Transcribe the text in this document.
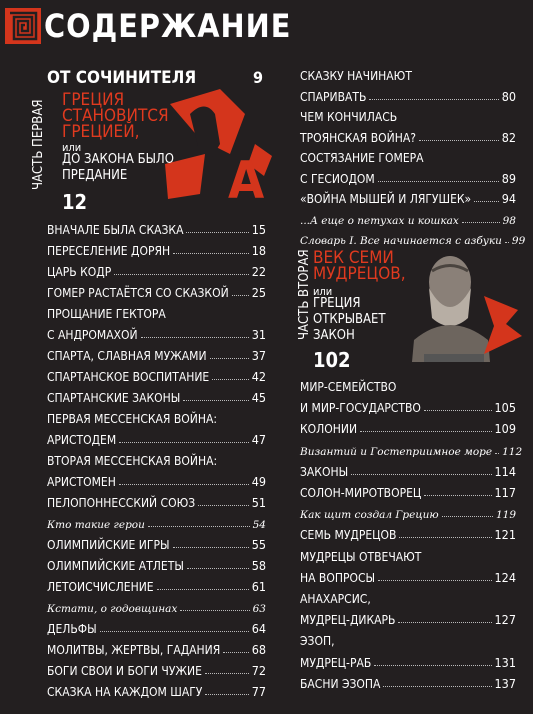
СОДЕРЖАНИЕ
ОТ СОЧИНИТЕЛЯ	9
ЧАСТЬ ПЕРВАЯ ГРЕЦИЯ
СТАНОВИТСЯ
ГРЕЦИЕЙ,
или
ДО ЗАКОНА БЫЛО
ПРЕДАНИЕ
12	А
ВНАЧАЛЕ БЫЛА СКАЗКА	15
ПЕРЕСЕЛЕНИЕ ДОРЯН	18
ЦАРЬ КОДР	22
ГОМЕР РАСТАЁТСЯ СО СКАЗКОЙ 25
ПРОЩАНИЕ ГЕКТОРА
С АНДРОМАХОЙ	31
СПАРТА, СЛАВНАЯ МУЖАМИ	37
СПАРТАНСКОЕ ВОСПИТАНИЕ	42
СПАРТАНСКИЕ ЗАКОНЫ	45
ПЕРВАЯ МЕССЕНСКАЯ ВОЙНА:
АРИСТОДЕМ	47
ВТОРАЯ МЕССЕНСКАЯ ВОЙНА:
АРИСТОМЕН	49
ПЕЛОПОННЕССКИЙ СОЮЗ	51
Кто такие герои	54
ОЛИМПИЙСКИЕ ИГРЫ	55
ОЛИМПИЙСКИЕ АТЛЕТЫ	58
ЛЕТОИСЧИСЛЕНИЕ	61
Кстати, о годовщинах	63
ДЕЛЬФЫ	64
МОЛИТВЫ, ЖЕРТВЫ, ГАДАНИЯ	68
БОГИ СВОИ И БОГИ ЧУЖИЕ	72
СКАЗКА НА КАЖДОМ ШАГУ	77
СКАЗКУ НАЧИНАЮТ
СПАРИВАТЬ	80
ЧЕМ КОНЧИЛАСЬ
ТРОЯНСКАЯ ВОЙНА?	82
СОСТЯЗАНИЕ ГОМЕРА
С ГЕСИОДОМ	89
«ВОЙНА МЫШЕЙ И ЛЯГУШЕК» 94
...А еще о петухах и кошках	98
Словарь I. Все начинается с азбуки 99
ЧАСТЬ ВТОРАЯ ВЕК СЕМИ
МУДРЕЦОВ,
или
ГРЕЦИЯ
ОТКРЫВАЕТ
ЗАКОН
102
МИР-СЕМЕЙСТВО
И МИР-ГОСУДАРСТВО	105
КОЛОНИИ	109
Византий и Гостеприимное море 112
ЗАКОНЫ	114
СОЛОН-МИРОТВОРЕЦ	117
Как щит создал Грецию	119
СЕМЬ МУДРЕЦОВ	121
МУДРЕЦЫ ОТВЕЧАЮТ
НА ВОПРОСЫ	124
АНАХАРСИС,
МУДРЕЦ-ДИКАРЬ	127
ЭЗОП,
МУДРЕЦ-РАБ	131
БАСНИ ЭЗОПА	137
